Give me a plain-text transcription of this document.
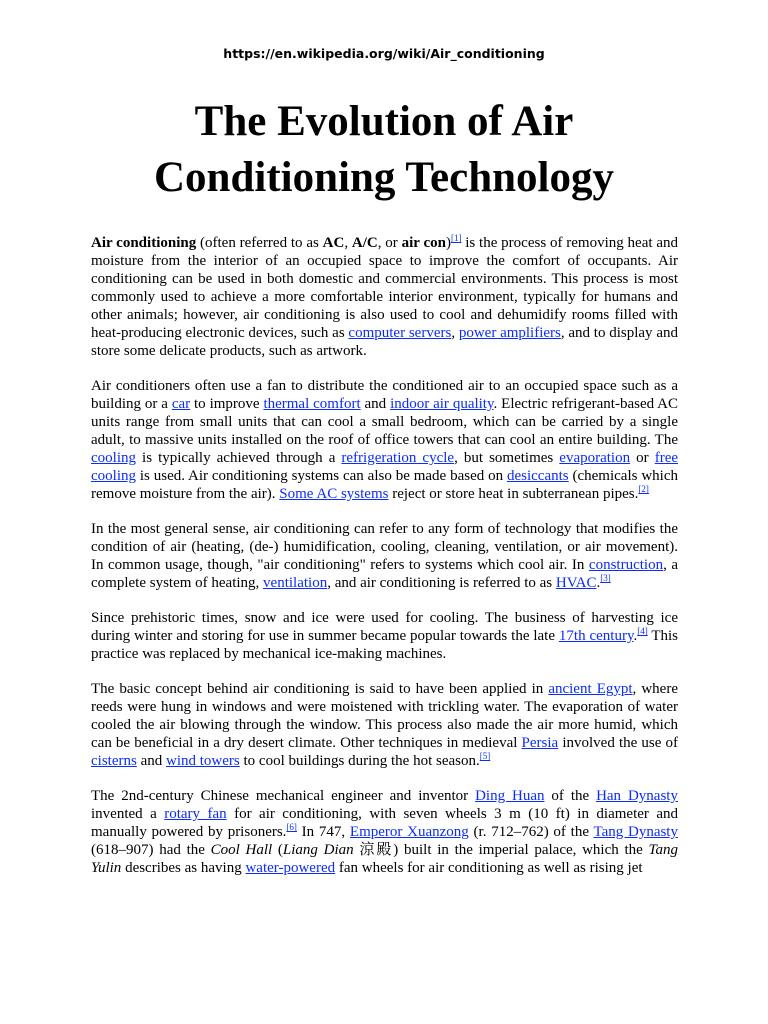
https://en.wikipedia.org/wiki/Air_conditioning
The Evolution of Air
Conditioning Technology

Air conditioning (often referred to as AC, A/C, or air con)[1] is the process of removing heat and moisture from the interior of an occupied space to improve the comfort of occupants. Air conditioning can be used in both domestic and commercial environments. This process is most commonly used to achieve a more comfortable interior environment, typically for humans and other animals; however, air conditioning is also used to cool and dehumidify rooms filled with heat-producing electronic devices, such as computer servers, power amplifiers, and to display and store some delicate products, such as artwork.

Air conditioners often use a fan to distribute the conditioned air to an occupied space such as a building or a car to improve thermal comfort and indoor air quality. Electric refrigerant-based AC units range from small units that can cool a small bedroom, which can be carried by a single adult, to massive units installed on the roof of office towers that can cool an entire building. The cooling is typically achieved through a refrigeration cycle, but sometimes evaporation or free cooling is used. Air conditioning systems can also be made based on desiccants (chemicals which remove moisture from the air). Some AC systems reject or store heat in subterranean pipes.[2]

In the most general sense, air conditioning can refer to any form of technology that modifies the condition of air (heating, (de-) humidification, cooling, cleaning, ventilation, or air movement). In common usage, though, "air conditioning" refers to systems which cool air. In construction, a complete system of heating, ventilation, and air conditioning is referred to as HVAC.[3]

Since prehistoric times, snow and ice were used for cooling. The business of harvesting ice during winter and storing for use in summer became popular towards the late 17th century.[4] This practice was replaced by mechanical ice-making machines.

The basic concept behind air conditioning is said to have been applied in ancient Egypt, where reeds were hung in windows and were moistened with trickling water. The evaporation of water cooled the air blowing through the window. This process also made the air more humid, which can be beneficial in a dry desert climate. Other techniques in medieval Persia involved the use of cisterns and wind towers to cool buildings during the hot season.[5]

The 2nd-century Chinese mechanical engineer and inventor Ding Huan of the Han Dynasty invented a rotary fan for air conditioning, with seven wheels 3 m (10 ft) in diameter and manually powered by prisoners.[6] In 747, Emperor Xuanzong (r. 712–762) of the Tang Dynasty (618–907) had the Cool Hall (Liang Dian 涼殿) built in the imperial palace, which the Tang Yulin describes as having water-powered fan wheels for air conditioning as well as rising jet
